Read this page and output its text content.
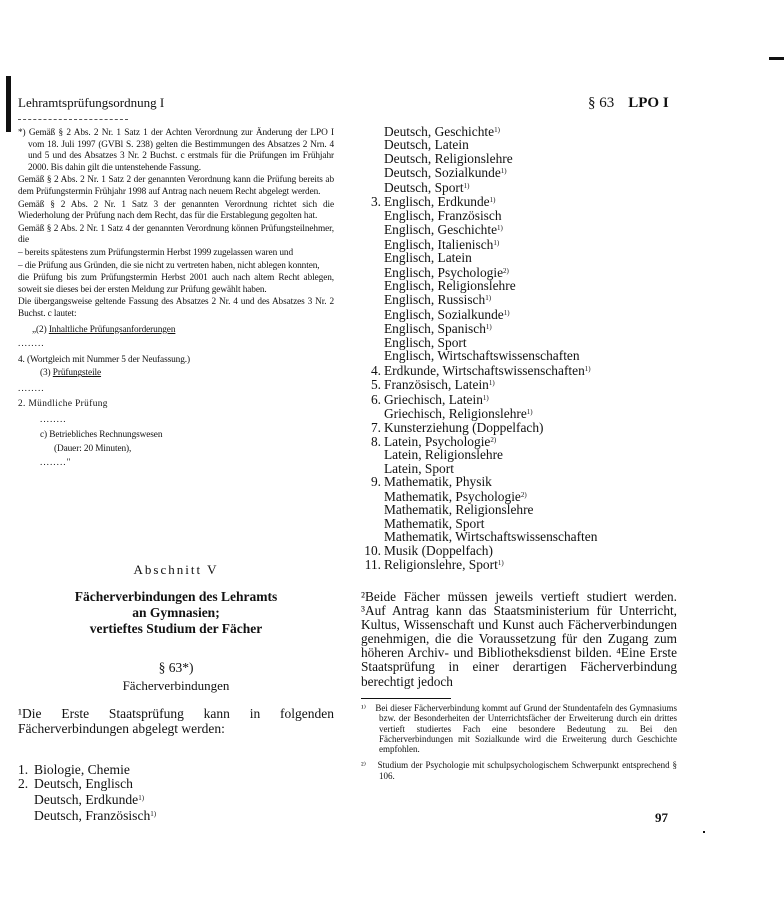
Lehramtsprüfungsordnung I	§ 63 LPO I

*) Gemäß § 2 Abs. 2 Nr. 1 Satz 1 der Achten Verordnung zur Änderung der LPO I vom 18. Juli 1997 (GVBl S. 238) gelten die Bestimmungen des Absatzes 2 Nrn. 4 und 5 und des Absatzes 3 Nr. 2 Buchst. c erstmals für die Prüfungen im Frühjahr 2000. Bis dahin gilt die untenstehende Fassung.

Gemäß § 2 Abs. 2 Nr. 1 Satz 2 der genannten Verordnung kann die Prüfung bereits ab dem Prüfungstermin Frühjahr 1998 auf Antrag nach neuem Recht abgelegt werden.

Gemäß § 2 Abs. 2 Nr. 1 Satz 3 der genannten Verordnung richtet sich die Wiederholung der Prüfung nach dem Recht, das für die Erstablegung gegolten hat.

Gemäß § 2 Abs. 2 Nr. 1 Satz 4 der genannten Verordnung können Prüfungsteilnehmer, die

– bereits spätestens zum Prüfungstermin Herbst 1999 zugelassen waren und

– die Prüfung aus Gründen, die sie nicht zu vertreten haben, nicht ablegen konnten,

die Prüfung bis zum Prüfungstermin Herbst 2001 auch nach altem Recht ablegen, soweit sie dieses bei der ersten Meldung zur Prüfung gewählt haben.

Die übergangsweise geltende Fassung des Absatzes 2 Nr. 4 und des Absatzes 3 Nr. 2 Buchst. c lautet:

„(2) Inhaltliche Prüfungsanforderungen

........

4. (Wortgleich mit Nummer 5 der Neufassung.)

(3) Prüfungsteile

........

2. Mündliche Prüfung

........

c) Betriebliches Rechnungswesen

(Dauer: 20 Minuten),

........"

Abschnitt V
Fächerverbindungen des Lehramts
an Gymnasien;
vertieftes Studium der Fächer
§ 63*)
Fächerverbindungen
¹Die Erste Staatsprüfung kann in folgenden Fächerverbindungen abgelegt werden:
1. Biologie, Chemie
2. Deutsch, Englisch
Deutsch, Erdkunde$^{1)}$
Deutsch, Französisch$^{1)}$
Deutsch, Geschichte$^{1)}$
Deutsch, Latein
Deutsch, Religionslehre
Deutsch, Sozialkunde$^{1)}$
Deutsch, Sport$^{1)}$
3. Englisch, Erdkunde$^{1)}$
Englisch, Französisch
Englisch, Geschichte$^{1)}$
Englisch, Italienisch$^{1)}$
Englisch, Latein
Englisch, Psychologie$^{2)}$
Englisch, Religionslehre
Englisch, Russisch$^{1)}$
Englisch, Sozialkunde$^{1)}$
Englisch, Spanisch$^{1)}$
Englisch, Sport
Englisch, Wirtschaftswissenschaften
4. Erdkunde, Wirtschaftswissenschaften$^{1)}$
5. Französisch, Latein$^{1)}$
6. Griechisch, Latein$^{1)}$
Griechisch, Religionslehre$^{1)}$
7. Kunsterziehung (Doppelfach)
8. Latein, Psychologie$^{2)}$
Latein, Religionslehre
Latein, Sport
9. Mathematik, Physik
Mathematik, Psychologie$^{2)}$
Mathematik, Religionslehre
Mathematik, Sport
Mathematik, Wirtschaftswissenschaften
10. Musik (Doppelfach)
11. Religionslehre, Sport$^{1)}$
²Beide Fächer müssen jeweils vertieft studiert werden. ³Auf Antrag kann das Staatsministerium für Unterricht, Kultus, Wissenschaft und Kunst auch Fächerverbindungen genehmigen, die die Voraussetzung für den Zugang zum höheren Archiv- und Bibliotheksdienst bilden. ⁴Eine Erste Staatsprüfung in einer derartigen Fächerverbindung berechtigt jedoch

¹⁾ Bei dieser Fächerverbindung kommt auf Grund der Stundentafeln des Gymnasiums bzw. der Besonderheiten der Unterrichtsfächer der Erweiterung durch ein drittes vertieft studiertes Fach eine besondere Bedeutung zu. Bei den Fächerverbindungen mit Sozialkunde wird die Erweiterung durch Geschichte empfohlen.

²⁾ Studium der Psychologie mit schulpsychologischem Schwerpunkt entsprechend § 106.

97
